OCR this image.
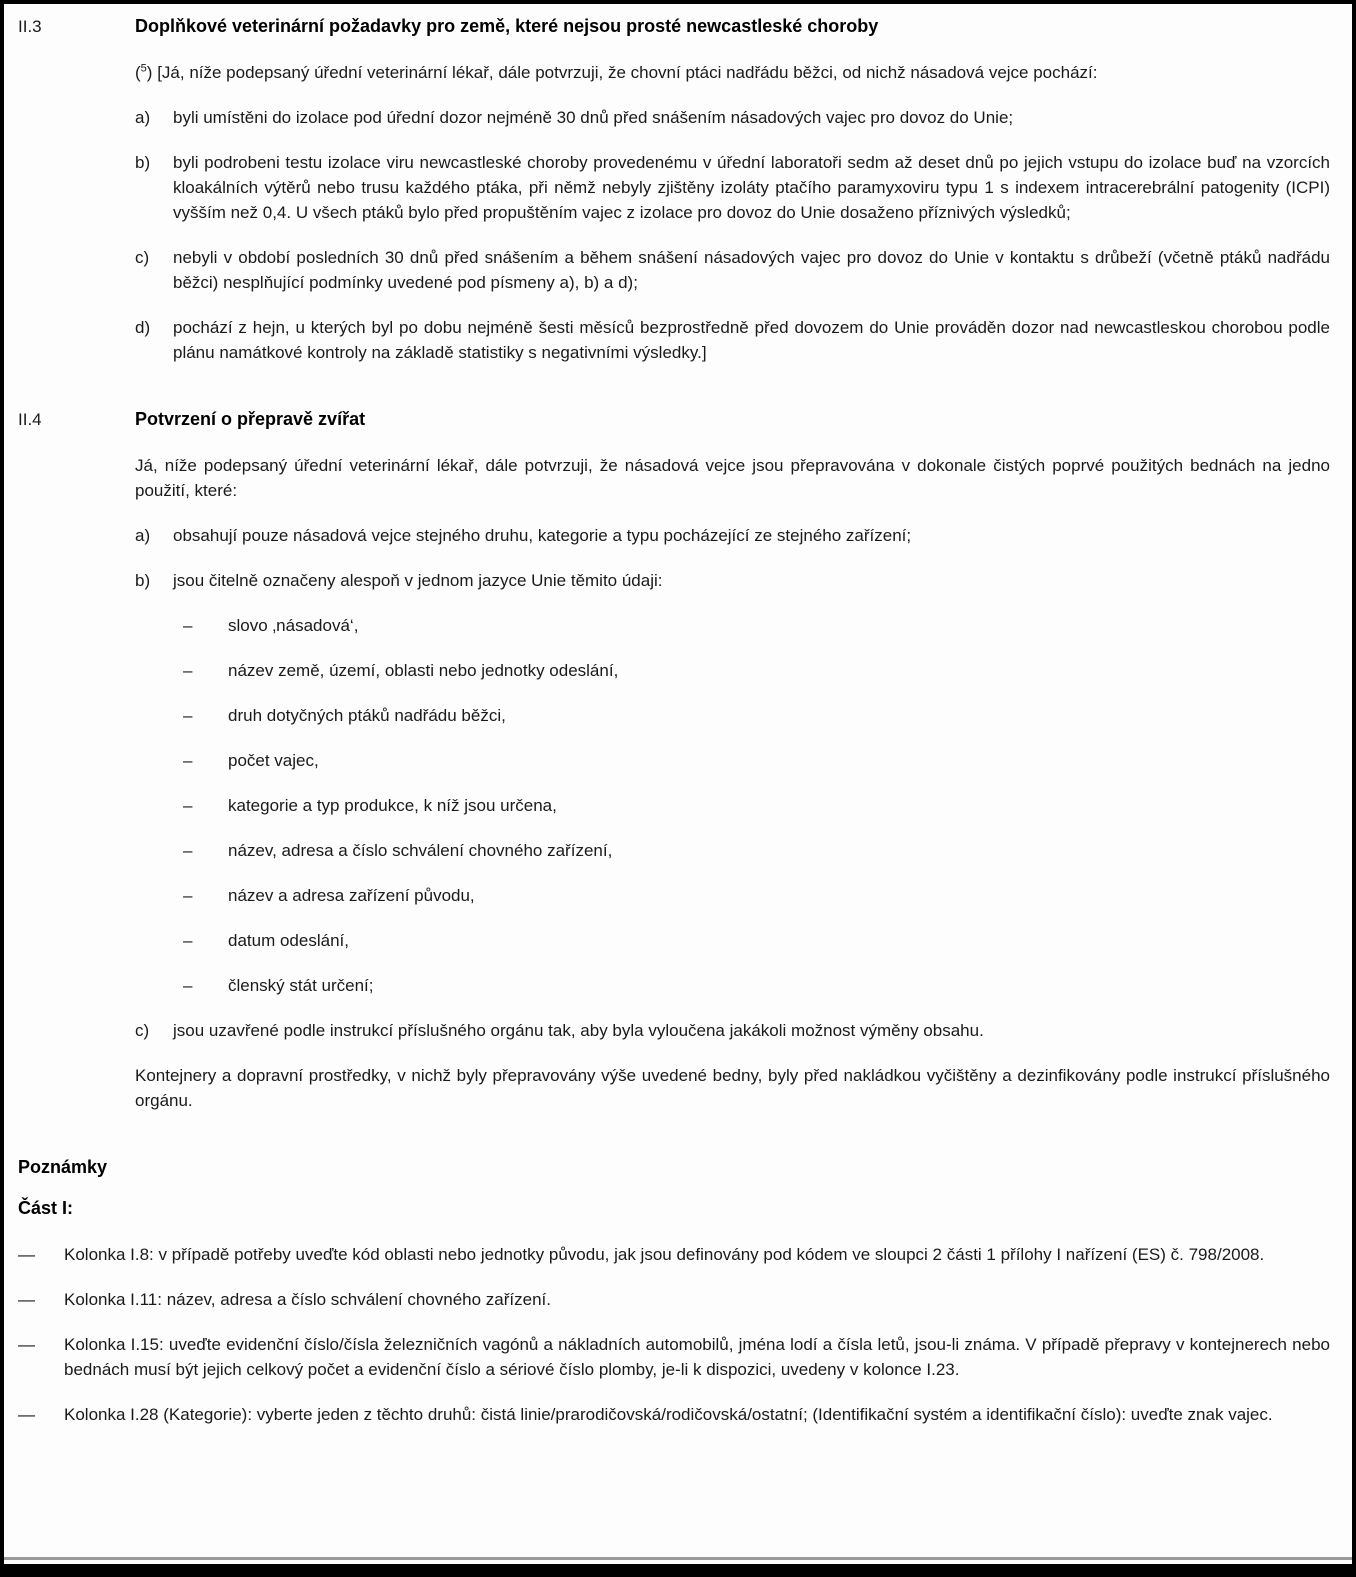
II.3	Doplňkové veterinární požadavky pro země, které nejsou prosté newcastleské choroby

($^5$) [Já, níže podepsaný úřední veterinární lékař, dále potvrzuji, že chovní ptáci nadřádu běžci, od nichž násadová vejce pochází:

a)	byli umístěni do izolace pod úřední dozor nejméně 30 dnů před snášením násadových vajec pro dovoz do Unie;

b)	byli podrobeni testu izolace viru newcastleské choroby provedenému v úřední laboratoři sedm až deset dnů po jejich vstupu do izolace buď na vzorcích kloakálních výtěrů nebo trusu každého ptáka, při němž nebyly zjištěny izoláty ptačího paramyxoviru typu 1 s indexem intracerebrální patogenity (ICPI) vyšším než 0,4. U všech ptáků bylo před propuštěním vajec z izolace pro dovoz do Unie dosaženo příznivých výsledků;

c)	nebyli v období posledních 30 dnů před snášením a během snášení násadových vajec pro dovoz do Unie v kontaktu s drůbeží (včetně ptáků nadřádu běžci) nesplňující podmínky uvedené pod písmeny a), b) a d);

d)	pochází z hejn, u kterých byl po dobu nejméně šesti měsíců bezprostředně před dovozem do Unie prováděn dozor nad newcastleskou chorobou podle plánu namátkové kontroly na základě statistiky s negativními výsledky.]

II.4	Potvrzení o přepravě zvířat

Já, níže podepsaný úřední veterinární lékař, dále potvrzuji, že násadová vejce jsou přepravována v dokonale čistých poprvé použitých bednách na jedno použití, které:

a)	obsahují pouze násadová vejce stejného druhu, kategorie a typu pocházející ze stejného zařízení;

b)	jsou čitelně označeny alespoň v jednom jazyce Unie těmito údaji:

–	slovo ‚násadová‘,
–	název země, území, oblasti nebo jednotky odeslání,
–	druh dotyčných ptáků nadřádu běžci,
–	počet vajec,
–	kategorie a typ produkce, k níž jsou určena,
–	název, adresa a číslo schválení chovného zařízení,
–	název a adresa zařízení původu,
–	datum odeslání,
–	členský stát určení;
c)	jsou uzavřené podle instrukcí příslušného orgánu tak, aby byla vyloučena jakákoli možnost výměny obsahu.

Kontejnery a dopravní prostředky, v nichž byly přepravovány výše uvedené bedny, byly před nakládkou vyčištěny a dezinfikovány podle instrukcí příslušného orgánu.

Poznámky
Část I:
—	Kolonka I.8: v případě potřeby uveďte kód oblasti nebo jednotky původu, jak jsou definovány pod kódem ve sloupci 2 části 1 přílohy I nařízení (ES) č. 798/2008.

—	Kolonka I.11: název, adresa a číslo schválení chovného zařízení.

—	Kolonka I.15: uveďte evidenční číslo/čísla železničních vagónů a nákladních automobilů, jména lodí a čísla letů, jsou-li známa. V případě přepravy v kontejnerech nebo bednách musí být jejich celkový počet a evidenční číslo a sériové číslo plomby, je-li k dispozici, uvedeny v kolonce I.23.

—	Kolonka I.28 (Kategorie): vyberte jeden z těchto druhů: čistá linie/prarodičovská/rodičovská/ostatní; (Identifikační systém a identifikační číslo): uveďte znak vajec.
